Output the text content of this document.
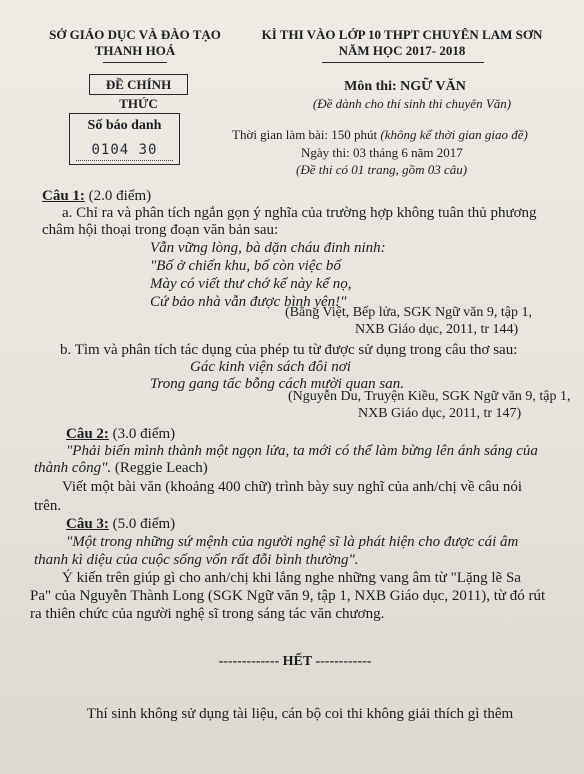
SỞ GIÁO DỤC VÀ ĐÀO TẠO
THANH HOÁ
KÌ THI VÀO LỚP 10 THPT CHUYÊN LAM SƠN
NĂM HỌC 2017- 2018
ĐỀ CHÍNH THỨC
Số báo danh
0104 30
Môn thi: NGỮ VĂN
(Đề dành cho thí sinh thi chuyên Văn)
Thời gian làm bài: 150 phút (không kể thời gian giao đề)
Ngày thi: 03 tháng 6 năm 2017
(Đề thi có 01 trang, gồm 03 câu)
Câu 1: (2.0 điểm)
a. Chỉ ra và phân tích ngắn gọn ý nghĩa của trường hợp không tuân thủ phương
châm hội thoại trong đoạn văn bản sau:
Vẫn vững lòng, bà dặn cháu đinh ninh:
"Bố ở chiến khu, bố còn việc bố
Mày có viết thư chớ kể này kể nọ,
Cứ bảo nhà vẫn được bình yên!"
(Bằng Việt, Bếp lửa, SGK Ngữ văn 9, tập 1,
NXB Giáo dục, 2011, tr 144)
b. Tìm và phân tích tác dụng của phép tu từ được sử dụng trong câu thơ sau:
Gác kinh viện sách đôi nơi
Trong gang tấc bỗng cách mười quan san.
(Nguyễn Du, Truyện Kiều, SGK Ngữ văn 9, tập 1,
NXB Giáo dục, 2011, tr 147)
Câu 2: (3.0 điểm)
"Phải biến mình thành một ngọn lửa, ta mới có thể làm bừng lên ánh sáng của
thành công". (Reggie Leach)
Viết một bài văn (khoảng 400 chữ) trình bày suy nghĩ của anh/chị về câu nói
trên.
Câu 3: (5.0 điểm)
"Một trong những sứ mệnh của người nghệ sĩ là phát hiện cho được cái âm
thanh kì diệu của cuộc sống vốn rất đỗi bình thường".
Ý kiến trên giúp gì cho anh/chị khi lắng nghe những vang âm từ "Lặng lẽ Sa
Pa" của Nguyễn Thành Long (SGK Ngữ văn 9, tập 1, NXB Giáo dục, 2011), từ đó rút
ra thiên chức của người nghệ sĩ trong sáng tác văn chương.
------------- HẾT ------------
Thí sinh không sử dụng tài liệu, cán bộ coi thi không giải thích gì thêm
